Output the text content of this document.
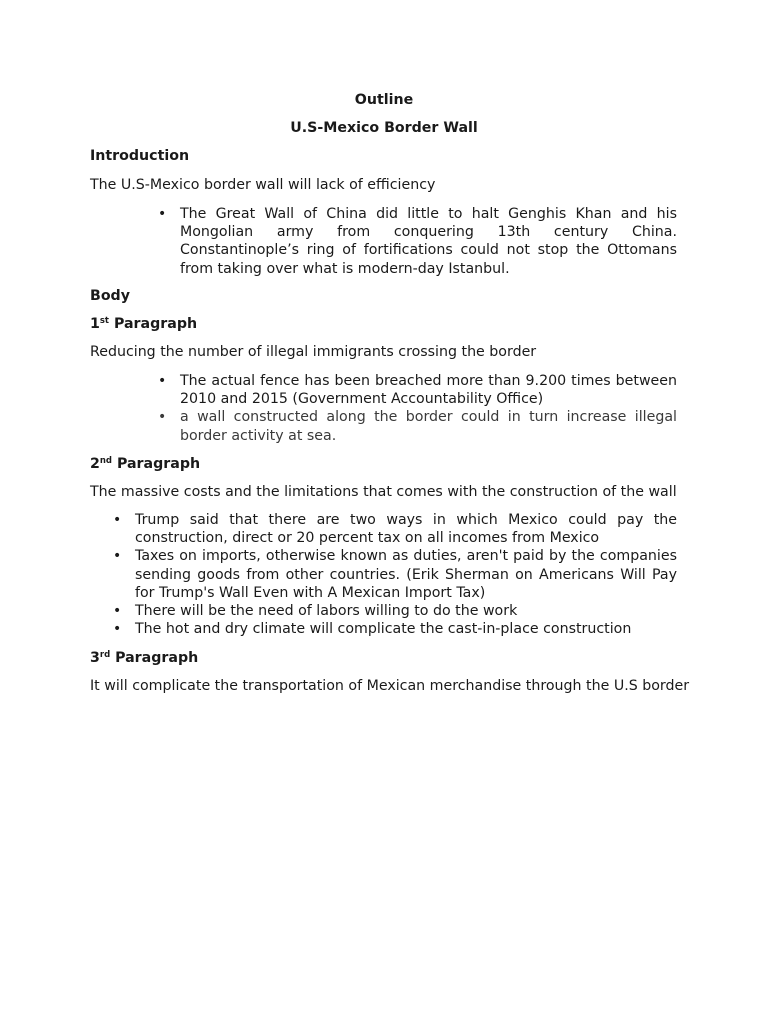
Outline
U.S-Mexico Border Wall
Introduction

The U.S-Mexico border wall will lack of efficiency

• The Great Wall of China did little to halt Genghis Khan and his Mongolian army from conquering 13th century China. Constantinople’s ring of fortifications could not stop the Ottomans from taking over what is modern-day Istanbul.
Body
1st Paragraph

Reducing the number of illegal immigrants crossing the border

• The actual fence has been breached more than 9.200 times between 2010 and 2015 (Government Accountability Office)
• a wall constructed along the border could in turn increase illegal border activity at sea.
2nd Paragraph

The massive costs and the limitations that comes with the construction of the wall

• Trump said that there are two ways in which Mexico could pay the construction, direct or 20 percent tax on all incomes from Mexico
• Taxes on imports, otherwise known as duties, aren't paid by the companies sending goods from other countries. (Erik Sherman on Americans Will Pay for Trump's Wall Even with A Mexican Import Tax)
• There will be the need of labors willing to do the work
• The hot and dry climate will complicate the cast-in-place construction
3rd Paragraph

It will complicate the transportation of Mexican merchandise through the U.S border
